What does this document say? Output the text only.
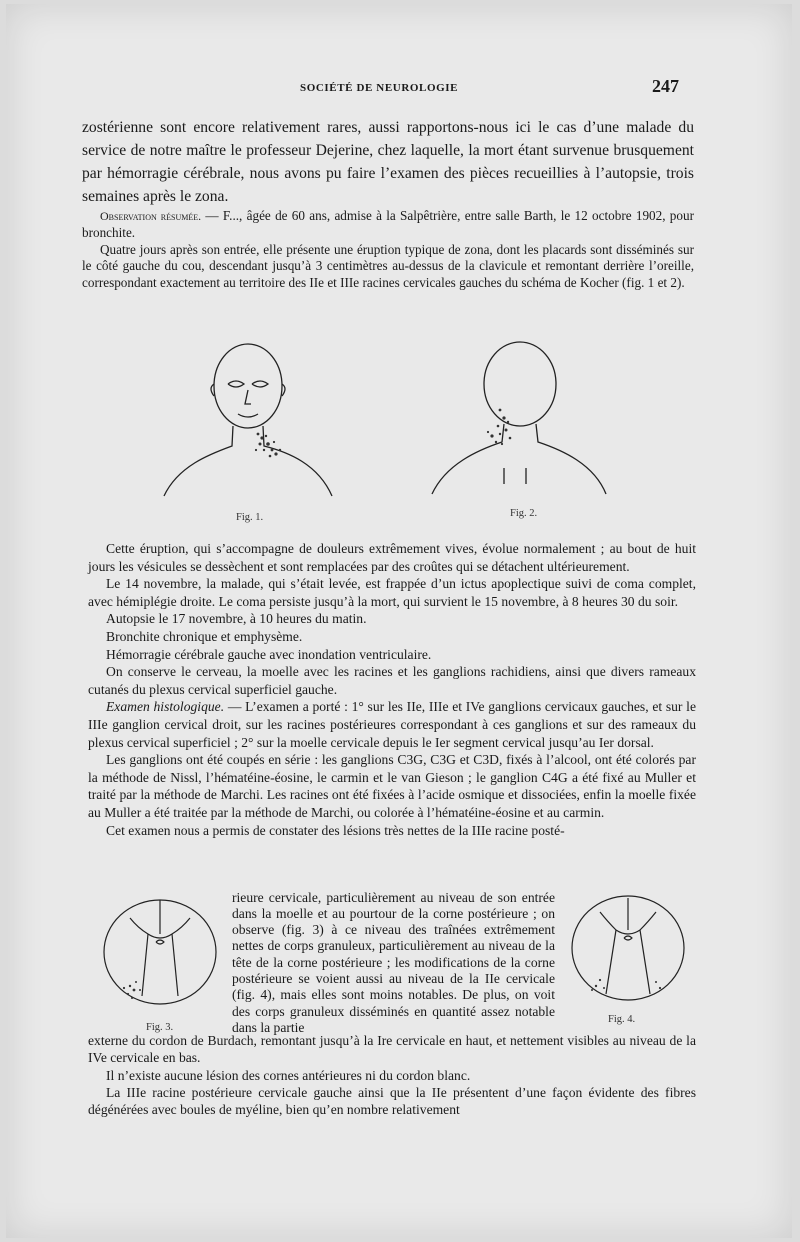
SOCIÉTÉ DE NEUROLOGIE	247

zostérienne sont encore relativement rares, aussi rapportons-nous ici le cas d’une malade du service de notre maître le professeur Dejerine, chez laquelle, la mort étant survenue brusquement par hémorragie cérébrale, nous avons pu faire l’examen des pièces recueillies à l’autopsie, trois semaines après le zona.

Observation résumée. — F..., âgée de 60 ans, admise à la Salpêtrière, entre salle Barth, le 12 octobre 1902, pour bronchite.

Quatre jours après son entrée, elle présente une éruption typique de zona, dont les placards sont disséminés sur le côté gauche du cou, descendant jusqu’à 3 centimètres au-dessus de la clavicule et remontant derrière l’oreille, correspondant exactement au territoire des IIe et IIIe racines cervicales gauches du schéma de Kocher (fig. 1 et 2).

Fig. 1.	Fig. 2.

Cette éruption, qui s’accompagne de douleurs extrêmement vives, évolue normalement ; au bout de huit jours les vésicules se dessèchent et sont remplacées par des croûtes qui se détachent ultérieurement.

Le 14 novembre, la malade, qui s’était levée, est frappée d’un ictus apoplectique suivi de coma complet, avec hémiplégie droite. Le coma persiste jusqu’à la mort, qui survient le 15 novembre, à 8 heures 30 du soir.

Autopsie le 17 novembre, à 10 heures du matin.

Bronchite chronique et emphysème.

Hémorragie cérébrale gauche avec inondation ventriculaire.

On conserve le cerveau, la moelle avec les racines et les ganglions rachidiens, ainsi que divers rameaux cutanés du plexus cervical superficiel gauche.

Examen histologique. — L’examen a porté : 1° sur les IIe, IIIe et IVe ganglions cervicaux gauches, et sur le IIIe ganglion cervical droit, sur les racines postérieures correspondant à ces ganglions et sur des rameaux du plexus cervical superficiel ; 2° sur la moelle cervicale depuis le Ier segment cervical jusqu’au Ier dorsal.

Les ganglions ont été coupés en série : les ganglions C3G, C3G et C3D, fixés à l’alcool, ont été colorés par la méthode de Nissl, l’hématéine-éosine, le carmin et le van Gieson ; le ganglion C4G a été fixé au Muller et traité par la méthode de Marchi. Les racines ont été fixées à l’acide osmique et dissociées, enfin la moelle fixée au Muller a été traitée par la méthode de Marchi, ou colorée à l’hématéine-éosine et au carmin.

Cet examen nous a permis de constater des lésions très nettes de la IIIe racine posté-

Fig. 3.

rieure cervicale, particulièrement au niveau de son entrée dans la moelle et au pourtour de la corne postérieure ; on observe (fig. 3) à ce niveau des traînées extrêmement nettes de corps granuleux, particulièrement au niveau de la tête de la corne postérieure ; les modifications de la corne postérieure se voient aussi au niveau de la IIe cervicale (fig. 4), mais elles sont moins notables. De plus, on voit des corps granuleux disséminés en quantité assez notable dans la partie

Fig. 4.

externe du cordon de Burdach, remontant jusqu’à la Ire cervicale en haut, et nettement visibles au niveau de la IVe cervicale en bas.

Il n’existe aucune lésion des cornes antérieures ni du cordon blanc.

La IIIe racine postérieure cervicale gauche ainsi que la IIe présentent d’une façon évidente des fibres dégénérées avec boules de myéline, bien qu’en nombre relativement
